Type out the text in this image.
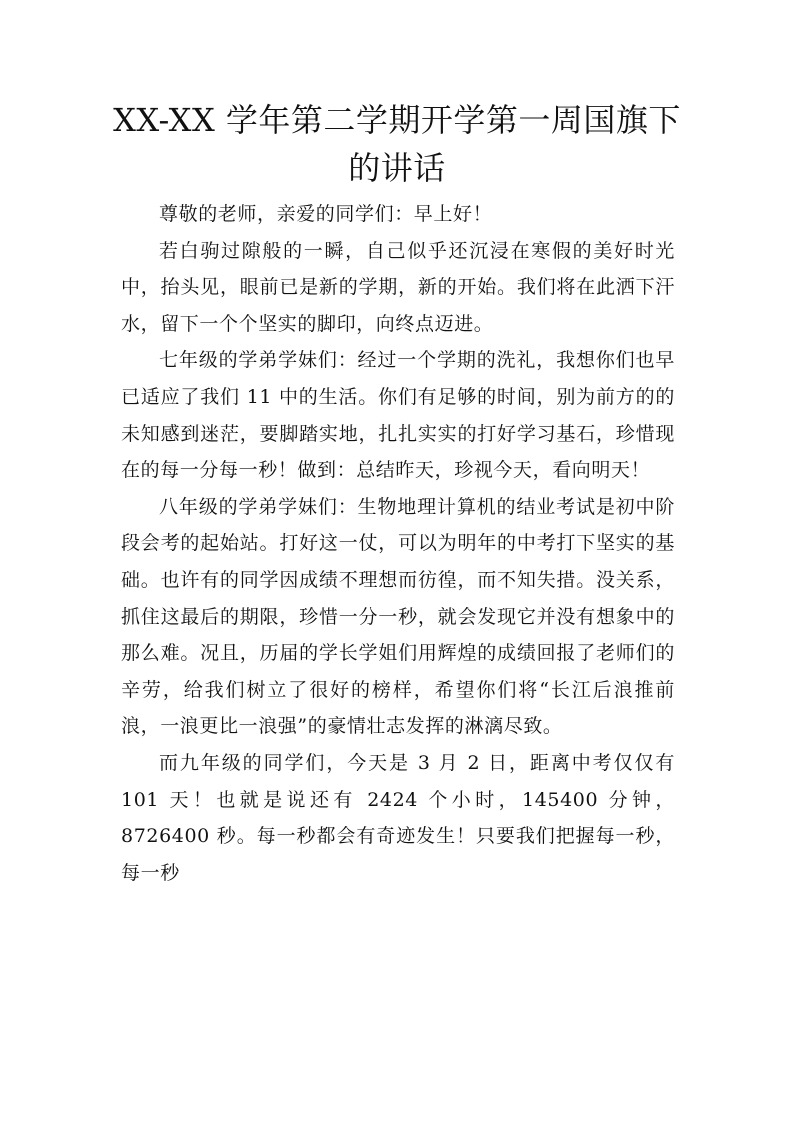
XX-XX 学年第二学期开学第一周国旗下的讲话

尊敬的老师，亲爱的同学们：早上好！

若白驹过隙般的一瞬，自己似乎还沉浸在寒假的美好时光中，抬头见，眼前已是新的学期，新的开始。我们将在此洒下汗水，留下一个个坚实的脚印，向终点迈进。

七年级的学弟学妹们：经过一个学期的洗礼，我想你们也早已适应了我们 11 中的生活。你们有足够的时间，别为前方的的未知感到迷茫，要脚踏实地，扎扎实实的打好学习基石，珍惜现在的每一分每一秒！做到：总结昨天，珍视今天，看向明天！

八年级的学弟学妹们：生物地理计算机的结业考试是初中阶段会考的起始站。打好这一仗，可以为明年的中考打下坚实的基础。也许有的同学因成绩不理想而彷徨，而不知失措。没关系，抓住这最后的期限，珍惜一分一秒，就会发现它并没有想象中的那么难。况且，历届的学长学姐们用辉煌的成绩回报了老师们的辛劳，给我们树立了很好的榜样，希望你们将“长江后浪推前浪，一浪更比一浪强”的豪情壮志发挥的淋漓尽致。

而九年级的同学们，今天是 3 月 2 日，距离中考仅仅有 101 天！也就是说还有 2424 个小时，145400 分钟，8726400 秒。每一秒都会有奇迹发生！只要我们把握每一秒，每一秒
